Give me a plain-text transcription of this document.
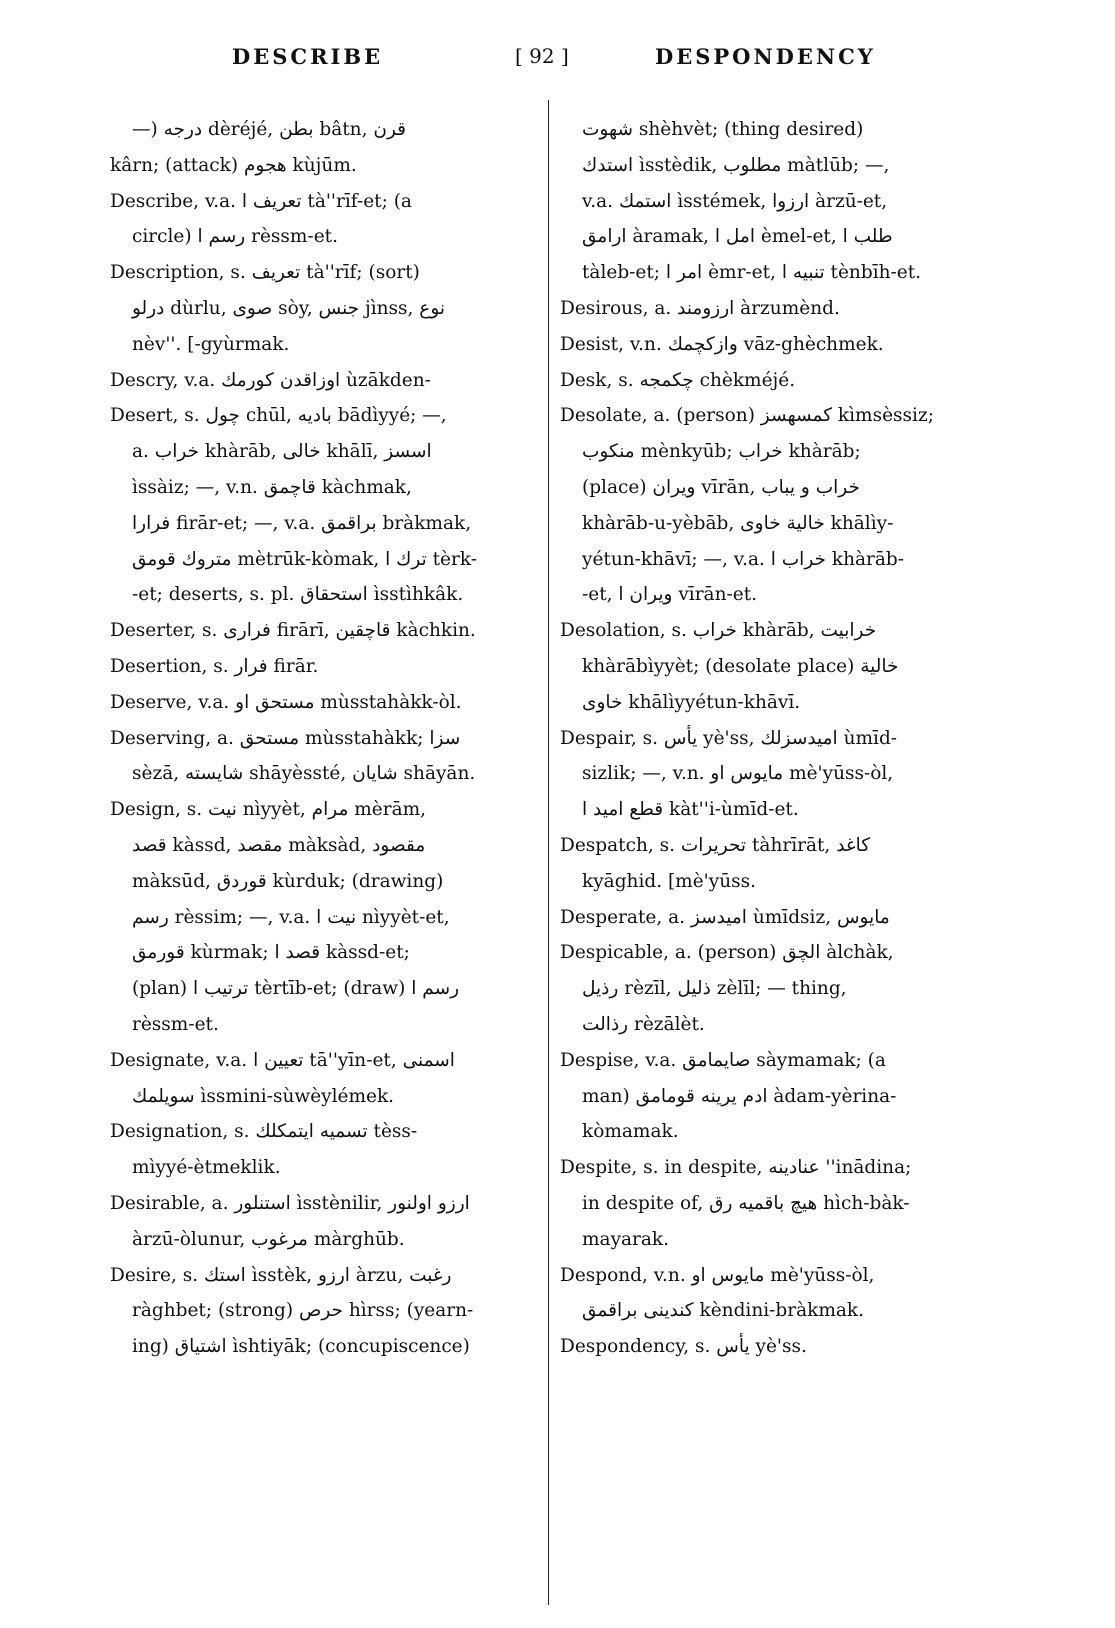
DESCRIBE	[ 92 ]	DESPONDENCY
—) درجه dèréjé, بطن bâtn, قرن
kârn; (attack) هجوم kùjūm.
Describe, v.a. تعریف ا tà''rīf-et; (a
circle) رسم ا rèssm-et.
Description, s. تعریف tà''rīf; (sort)
درلو dùrlu, صوی sòy, جنس jìnss, نوع
nèv''. [-gyùrmak.
Descry, v.a. اوزاقدن كورمك ùzākden-
Desert, s. چول chūl, بادیه bādìyyé; —,
a. خراب khàrāb, خالی khālī, اسسز
ìssàiz; —, v.n. قاچمق kàchmak,
فرارا firār-et; —, v.a. براقمق bràkmak,
متروك قومق mètrūk-kòmak, ترك ا tèrk-
-et; deserts, s. pl. استحقاق ìsstìhkâk.
Deserter, s. فراری firārī, قاچقین kàchkin.
Desertion, s. فرار firār.
Deserve, v.a. مستحق او mùsstahàkk-òl.
Deserving, a. مستحق mùsstahàkk; سزا
sèzā, شایسته shāyèssté, شایان shāyān.
Design, s. نیت nìyyèt, مرام mèrām,
قصد kàssd, مقصد màksàd, مقصود
màksūd, قوردق kùrduk; (drawing)
رسم rèssim; —, v.a. نیت ا nìyyèt-et,
قورمق kùrmak; قصد ا kàssd-et;
(plan) ترتیب ا tèrtīb-et; (draw) رسم ا
rèssm-et.
Designate, v.a. تعیین ا tā''yīn-et, اسمنی
سویلمك ìssmini-sùwèylémek.
Designation, s. تسمیه ایتمكلك tèss-
mìyyé-ètmeklik.
Desirable, a. استنلور ìsstènilir, ارزو اولنور
àrzū-òlunur, مرغوب màrghūb.
Desire, s. استك ìsstèk, ارزو àrzu, رغبت
ràghbet; (strong) حرص hìrss; (yearn-
ing) اشتیاق ìshtiyāk; (concupiscence)
شهوت shèhvèt; (thing desired)
استدك ìsstèdik, مطلوب màtlūb; —,
v.a. استمك ìsstémek, ارزوا àrzū-et,
ارامق àramak, امل ا èmel-et, طلب ا
tàleb-et; امر ا èmr-et, تنبیه ا tènbīh-et.
Desirous, a. ارزومند àrzumènd.
Desist, v.n. وازكچمك vāz-ghèchmek.
Desk, s. چكمجه chèkméjé.
Desolate, a. (person) كمسهسز kìmsèssiz;
منكوب mènkyūb; خراب khàrāb;
(place) ویران vīrān, خراب و یباب
khàrāb-u-yèbāb, خالیة خاوی khālìy-
yétun-khāvī; —, v.a. خراب ا khàrāb-
-et, ویران ا vīrān-et.
Desolation, s. خراب khàrāb, خرابیت
khàrābìyyèt; (desolate place) خالیة
خاوی khālìyyétun-khāvī.
Despair, s. یأس yè'ss, امیدسزلك ùmīd-
sizlik; —, v.n. مایوس او mè'yūss-òl,
قطع امید ا kàt''i-ùmīd-et.
Despatch, s. تحریرات tàhrīrāt, كاغد
kyāghid. [mè'yūss.
Desperate, a. امیدسز ùmīdsiz, مایوس
Despicable, a. (person) الچق àlchàk,
رذیل rèzīl, ذلیل zèlīl; — thing,
رذالت rèzālèt.
Despise, v.a. صایمامق sàymamak; (a
man) ادم یرینه قومامق àdam-yèrina-
kòmamak.
Despite, s. in despite, عنادینه ''inādina;
in despite of, هیچ باقمیه رق hìch-bàk-
mayarak.
Despond, v.n. مایوس او mè'yūss-òl,
كندینی براقمق kèndini-bràkmak.
Despondency, s. یأس yè'ss.
